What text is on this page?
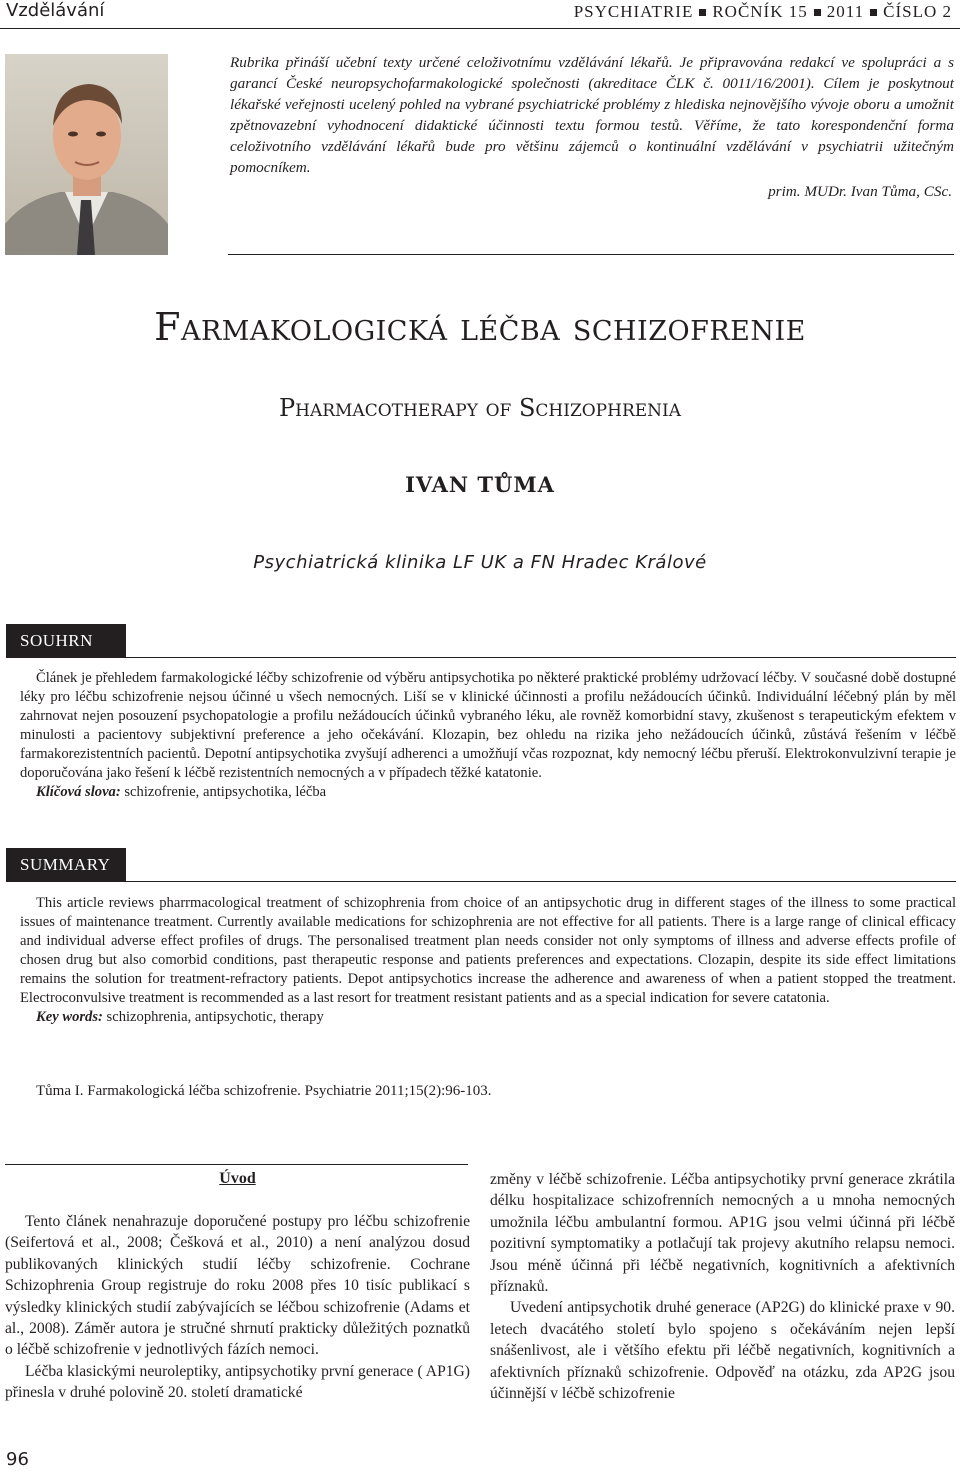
Vzdělávání	PSYCHIATRIE ROČNÍK 15 2011 ČÍSLO 2
Rubrika přináší učební texty určené celoživotnímu vzdělávání lékařů. Je připravována redakcí ve spolupráci a s garancí České neuropsychofarmakologické společnosti (akreditace ČLK č. 0011/16/2001). Cílem je poskytnout lékařské veřejnosti ucelený pohled na vybrané psychiatrické problémy z hlediska nejnovějšího vývoje oboru a umožnit zpětnovazební vyhodnocení didaktické účinnosti textu formou testů. Věříme, že tato korespondenční forma celoživotního vzdělávání lékařů bude pro většinu zájemců o kontinuální vzdělávání v psychiatrii užitečným pomocníkem.
prim. MUDr. Ivan Tůma, CSc.
Farmakologická léčba schizofrenie
Pharmacotherapy of Schizophrenia
IVAN TŮMA
Psychiatrická klinika LF UK a FN Hradec Králové
SOUHRN

Článek je přehledem farmakologické léčby schizofrenie od výběru antipsychotika po některé praktické problémy udržovací léčby. V současné době dostupné léky pro léčbu schizofrenie nejsou účinné u všech nemocných. Liší se v klinické účinnosti a profilu nežádoucích účinků. Individuální léčebný plán by měl zahrnovat nejen posouzení psychopatologie a profilu nežádoucích účinků vybraného léku, ale rovněž komorbidní stavy, zkušenost s terapeutickým efektem v minulosti a pacientovy subjektivní preference a jeho očekávání. Klozapin, bez ohledu na rizika jeho nežádoucích účinků, zůstává řešením v léčbě farmakorezistentních pacientů. Depotní antipsychotika zvyšují adherenci a umožňují včas rozpoznat, kdy nemocný léčbu přeruší. Elektrokonvulzivní terapie je doporučována jako řešení k léčbě rezistentních nemocných a v případech těžké katatonie.

Klíčová slova: schizofrenie, antipsychotika, léčba

SUMMARY

This article reviews pharrmacological treatment of schizophrenia from choice of an antipsychotic drug in different stages of the illness to some practical issues of maintenance treatment. Currently available medications for schizophrenia are not effective for all patients. There is a large range of clinical efficacy and individual adverse effect profiles of drugs. The personalised treatment plan needs consider not only symptoms of illness and adverse effects profile of chosen drug but also comorbid conditions, past therapeutic response and patients preferences and expectations. Clozapin, despite its side effect limitations remains the solution for treatment-refractory patients. Depot antipsychotics increase the adherence and awareness of when a patient stopped the treatment. Electroconvulsive treatment is recommended as a last resort for treatment resistant patients and as a special indication for severe catatonia.

Key words: schizophrenia, antipsychotic, therapy

Tůma I. Farmakologická léčba schizofrenie. Psychiatrie 2011;15(2):96-103.
Úvod

Tento článek nenahrazuje doporučené postupy pro léčbu schizofrenie (Seifertová et al., 2008; Češková et al., 2010) a není analýzou dosud publikovaných klinických studií léčby schizofrenie. Cochrane Schizophrenia Group registruje do roku 2008 přes 10 tisíc publikací s výsledky klinických studií zabývajících se léčbou schizofrenie (Adams et al., 2008). Záměr autora je stručné shrnutí prakticky důležitých poznatků o léčbě schizofrenie v jednotlivých fázích nemoci.

Léčba klasickými neuroleptiky, antipsychotiky první generace ( AP1G) přinesla v druhé polovině 20. století dramatické

změny v léčbě schizofrenie. Léčba antipsychotiky první generace zkrátila délku hospitalizace schizofrenních nemocných a u mnoha nemocných umožnila léčbu ambulantní formou. AP1G jsou velmi účinná při léčbě pozitivní symptomatiky a potlačují tak projevy akutního relapsu nemoci. Jsou méně účinná při léčbě negativních, kognitivních a afektivních příznaků.

Uvedení antipsychotik druhé generace (AP2G) do klinické praxe v 90. letech dvacátého století bylo spojeno s očekáváním nejen lepší snášenlivost, ale i většího efektu při léčbě negativních, kognitivních a afektivních příznaků schizofrenie. Odpověď na otázku, zda AP2G jsou účinnější v léčbě schizofrenie

96
